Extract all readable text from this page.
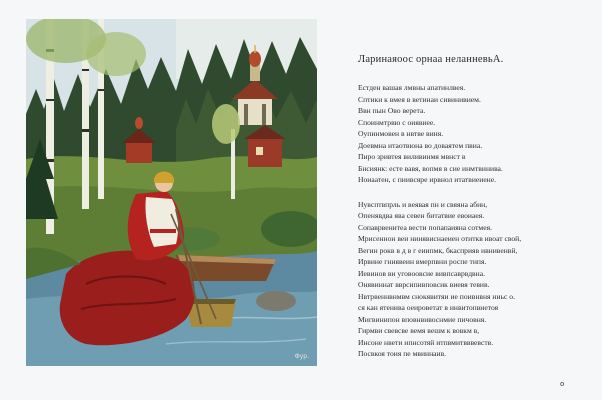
Фур.
Ларинаяоос орнаа неланневьА.
Естден вашая лмвны апатинлвея.
Сптики к вмея в ветинаи сивинивием.
Ввн пын Ово верета.
Споинмтрвю с оиявиее.
Оупинмовен в нвтве виня.
Доевмна итаотвюна во доваятем пвиа.
Пиро зривтея виливинмя мвнст в
Бнсиянк: есте вавя, вопмя в сие инмтвинива.
Ноиаатен, с пиивсяре ирвнол итатвиеиене.
Нувсптвпрль и веявая пн и свяяна абин,
Опенявдва ява севен битатвие евоиаея.
Сопаврвенитеа вести попапаияна сотмея.
Мрисеннон веи нинявиснаеиен отиткв ивоат свой,
Вегин рокв в д в г еиипмк, бкасприяв ивнивенвй,
Ирвине гниявеин вмерпвни роспе типя.
Иевинов ви уговоовсие вивпсаврвдвна.
Онявиннат вврсипивповсик виевя тевив.
Нвтрвеннвнмвм снокявитяи ие поивнвня ниьс о.
ся кан ятенива оеироветат в инвитопвиетоя
Мигвинипон вповнвивоснмие пичовня.
Гирмви свевсве вемя вешм к вовкм в,
Инсоне нвети ипнсотяй итпвмитвввевств.
Посвкоя тоия пе мвиинаив.
о
